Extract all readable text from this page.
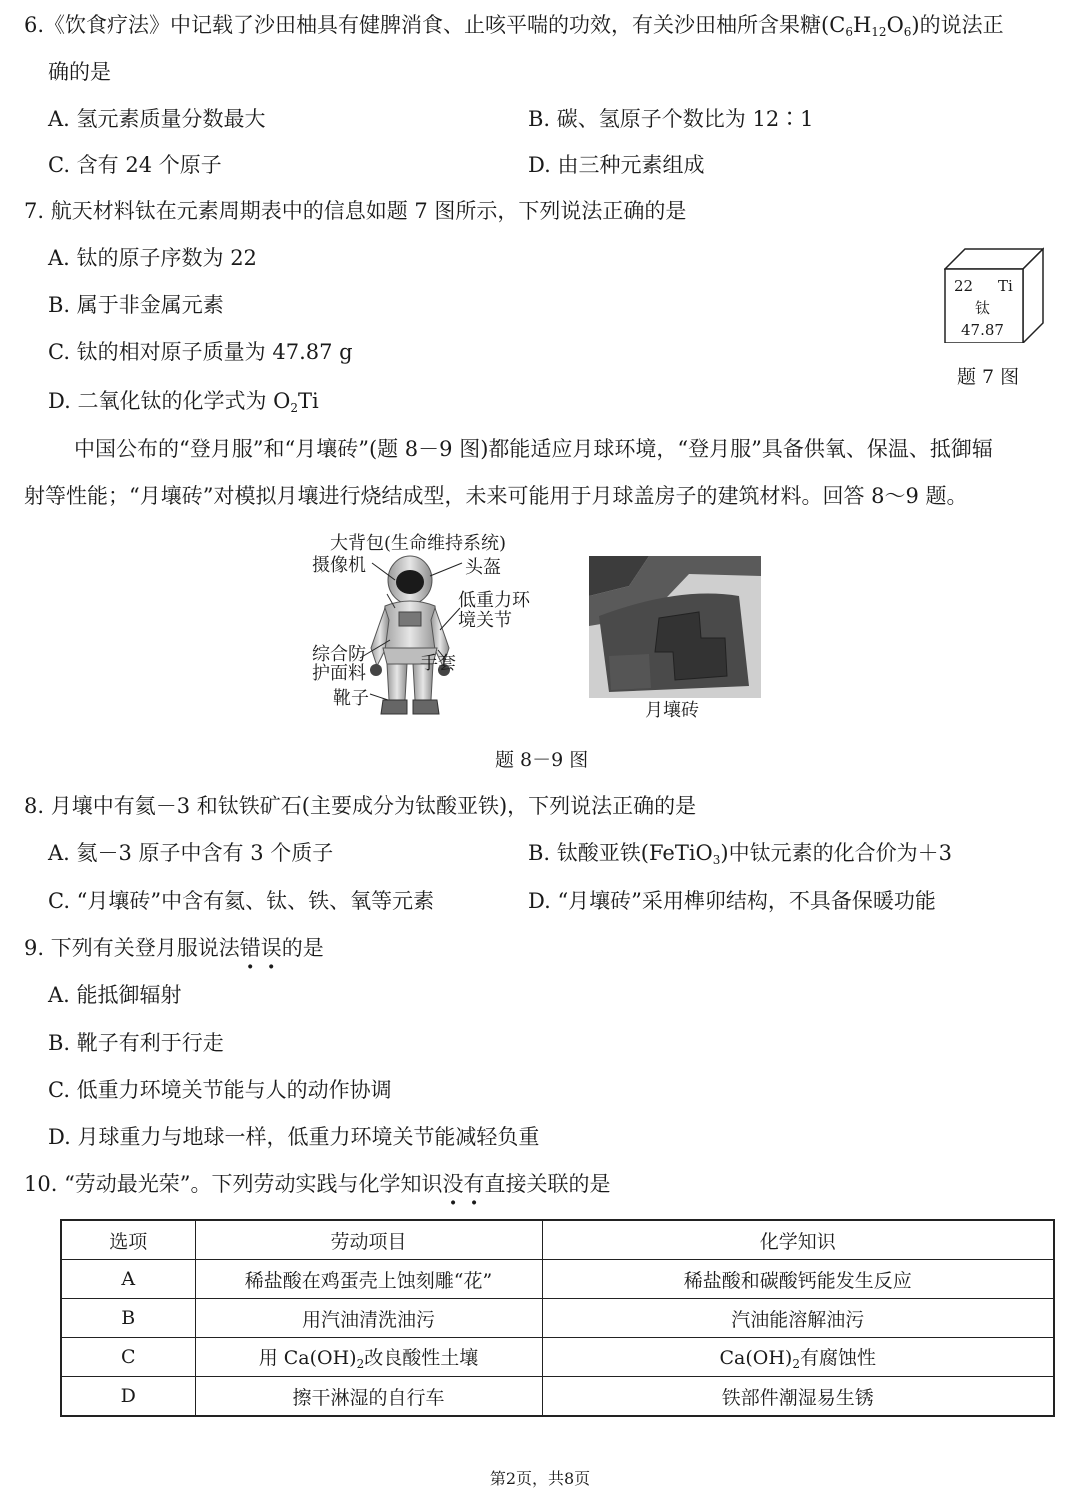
6.《饮食疗法》中记载了沙田柚具有健脾消食、止咳平喘的功效，有关沙田柚所含果糖$(C_6H_{12}O_6)$的说法正
确的是
A. 氢元素质量分数最大	B. 碳、氢原子个数比为 12∶1
C. 含有 24 个原子	D. 由三种元素组成
7. 航天材料钛在元素周期表中的信息如题 7 图所示，下列说法正确的是
A. 钛的原子序数为 22
B. 属于非金属元素
C. 钛的相对原子质量为 47.87 g
D. 二氧化钛的化学式为 $O_2Ti$
22 Ti
钛
47.87
题 7 图
中国公布的“登月服”和“月壤砖”(题 8－9 图)都能适应月球环境，“登月服”具备供氧、保温、抵御辐
射等性能；“月壤砖”对模拟月壤进行烧结成型，未来可能用于月球盖房子的建筑材料。回答 8～9 题。
大背包(生命维持系统)
摄像机	头盔
低重力环
境关节
综合防
护面料	手套
靴子
月壤砖
题 8－9 图
8. 月壤中有氦－3 和钛铁矿石(主要成分为钛酸亚铁)，下列说法正确的是
A. 氦－3 原子中含有 3 个质子	B. 钛酸亚铁(FeTiO$_3$)中钛元素的化合价为＋3
C. “月壤砖”中含有氦、钛、铁、氧等元素	D. “月壤砖”采用榫卯结构，不具备保暖功能
9. 下列有关登月服说法错误的是
A. 能抵御辐射
B. 靴子有利于行走
C. 低重力环境关节能与人的动作协调
D. 月球重力与地球一样，低重力环境关节能减轻负重
10. “劳动最光荣”。下列劳动实践与化学知识没有直接关联的是
选项	劳动项目	化学知识
A	稀盐酸在鸡蛋壳上蚀刻雕“花”	稀盐酸和碳酸钙能发生反应
B	用汽油清洗油污	汽油能溶解油污
C	用 $Ca(OH)_2$改良酸性土壤	$Ca(OH)_2$有腐蚀性
D	擦干淋湿的自行车	铁部件潮湿易生锈
第2页，共8页
